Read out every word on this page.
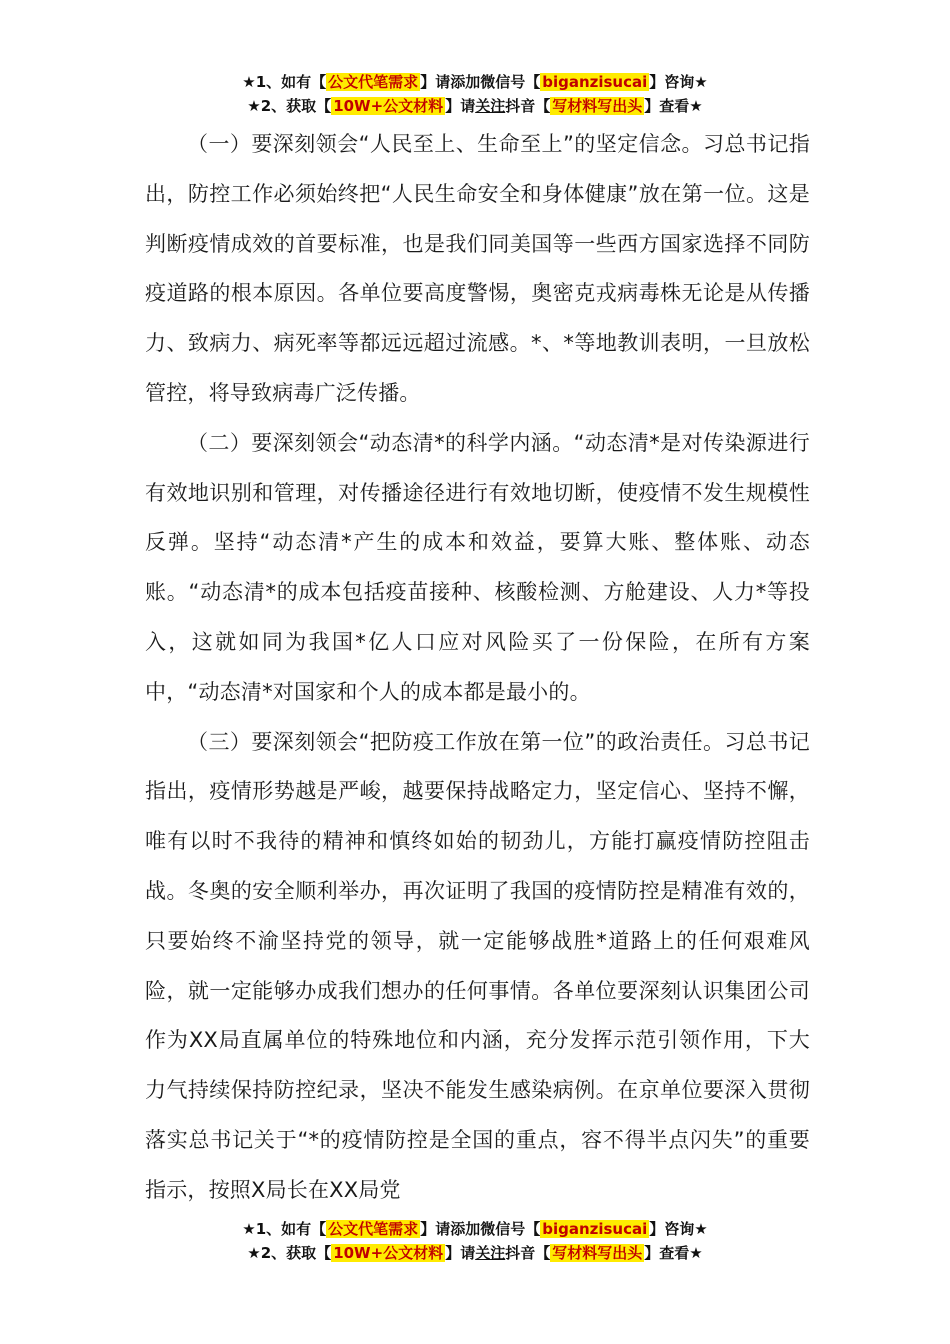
★1、如有【 公文代笔需求 】请添加微信号【 biganzisucai 】咨询★
★2、获取【 10W+公文材料 】请关注抖音【 写材料写出头 】查看★

（一）要深刻领会“人民至上、生命至上”的坚定信念。习总书记指出，防控工作必须始终把“人民生命安全和身体健康”放在第一位。这是判断疫情成效的首要标准，也是我们同美国等一些西方国家选择不同防疫道路的根本原因。各单位要高度警惕，奥密克戎病毒株无论是从传播力、致病力、病死率等都远远超过流感。*、*等地教训表明，一旦放松管控，将导致病毒广泛传播。

（二）要深刻领会“动态清*的科学内涵。“动态清*是对传染源进行有效地识别和管理，对传播途径进行有效地切断，使疫情不发生规模性反弹。坚持“动态清*产生的成本和效益，要算大账、整体账、动态账。“动态清*的成本包括疫苗接种、核酸检测、方舱建设、人力*等投入，这就如同为我国*亿人口应对风险买了一份保险，在所有方案中，“动态清*对国家和个人的成本都是最小的。

（三）要深刻领会“把防疫工作放在第一位”的政治责任。习总书记指出，疫情形势越是严峻，越要保持战略定力，坚定信心、坚持不懈，唯有以时不我待的精神和慎终如始的韧劲儿，方能打赢疫情防控阻击战。冬奥的安全顺利举办，再次证明了我国的疫情防控是精准有效的，只要始终不渝坚持党的领导，就一定能够战胜*道路上的任何艰难风险，就一定能够办成我们想办的任何事情。各单位要深刻认识集团公司作为XX局直属单位的特殊地位和内涵，充分发挥示范引领作用，下大力气持续保持防控纪录，坚决不能发生感染病例。在京单位要深入贯彻落实总书记关于“*的疫情防控是全国的重点，容不得半点闪失”的重要指示，按照X局长在XX局党

★1、如有【 公文代笔需求 】请添加微信号【 biganzisucai 】咨询★
★2、获取【 10W+公文材料 】请关注抖音【 写材料写出头 】查看★
